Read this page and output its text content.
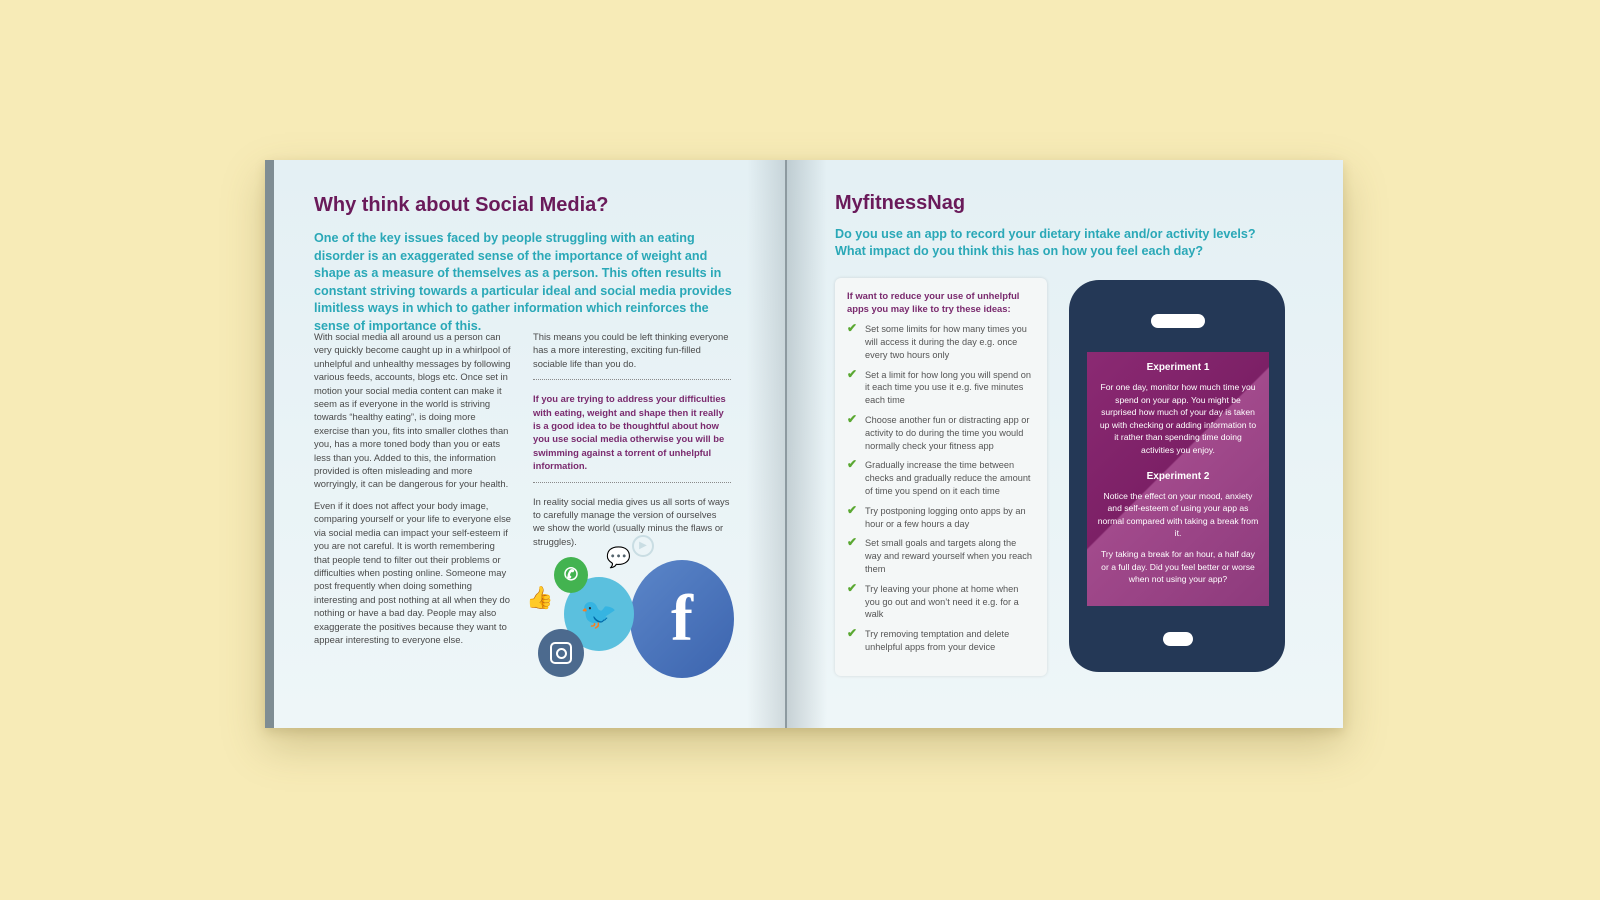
Why think about Social Media?

One of the key issues faced by people struggling with an eating disorder is an exaggerated sense of the importance of weight and shape as a measure of themselves as a person. This often results in constant striving towards a particular ideal and social media provides limitless ways in which to gather information which reinforces the sense of importance of this.

With social media all around us a person can very quickly become caught up in a whirlpool of unhelpful and unhealthy messages by following various feeds, accounts, blogs etc. Once set in motion your social media content can make it seem as if everyone in the world is striving towards “healthy eating”, is doing more exercise than you, fits into smaller clothes than you, has a more toned body than you or eats less than you. Added to this, the information provided is often misleading and more worryingly, it can be dangerous for your health.

Even if it does not affect your body image, comparing yourself or your life to everyone else via social media can impact your self-esteem if you are not careful. It is worth remembering that people tend to filter out their problems or difficulties when posting online. Someone may post frequently when doing something interesting and post nothing at all when they do nothing or have a bad day. People may also exaggerate the positives because they want to appear interesting to everyone else.

This means you could be left thinking everyone has a more interesting, exciting fun-filled sociable life than you do.

If you are trying to address your difficulties with eating, weight and shape then it really is a good idea to be thoughtful about how you use social media otherwise you will be swimming against a torrent of unhelpful information.

In reality social media gives us all sorts of ways to carefully manage the version of ourselves we show the world (usually minus the flaws or struggles).

👍
💬
▶
f
🐦
✆
MyfitnessNag

Do you use an app to record your dietary intake and/or activity levels? What impact do you think this has on how you feel each day?

If want to reduce your use of unhelpful apps you may like to try these ideas:

✔ Set some limits for how many times you will access it during the day e.g. once every two hours only
✔ Set a limit for how long you will spend on it each time you use it e.g. five minutes each time
✔ Choose another fun or distracting app or activity to do during the time you would normally check your fitness app
✔ Gradually increase the time between checks and gradually reduce the amount of time you spend on it each time
✔ Try postponing logging onto apps by an hour or a few hours a day
✔ Set small goals and targets along the way and reward yourself when you reach them
✔ Try leaving your phone at home when you go out and won’t need it e.g. for a walk
✔ Try removing temptation and delete unhelpful apps from your device

Experiment 1

For one day, monitor how much time you spend on your app. You might be surprised how much of your day is taken up with checking or adding information to it rather than spending time doing activities you enjoy.

Experiment 2

Notice the effect on your mood, anxiety and self-esteem of using your app as normal compared with taking a break from it.

Try taking a break for an hour, a half day or a full day. Did you feel better or worse when not using your app?
